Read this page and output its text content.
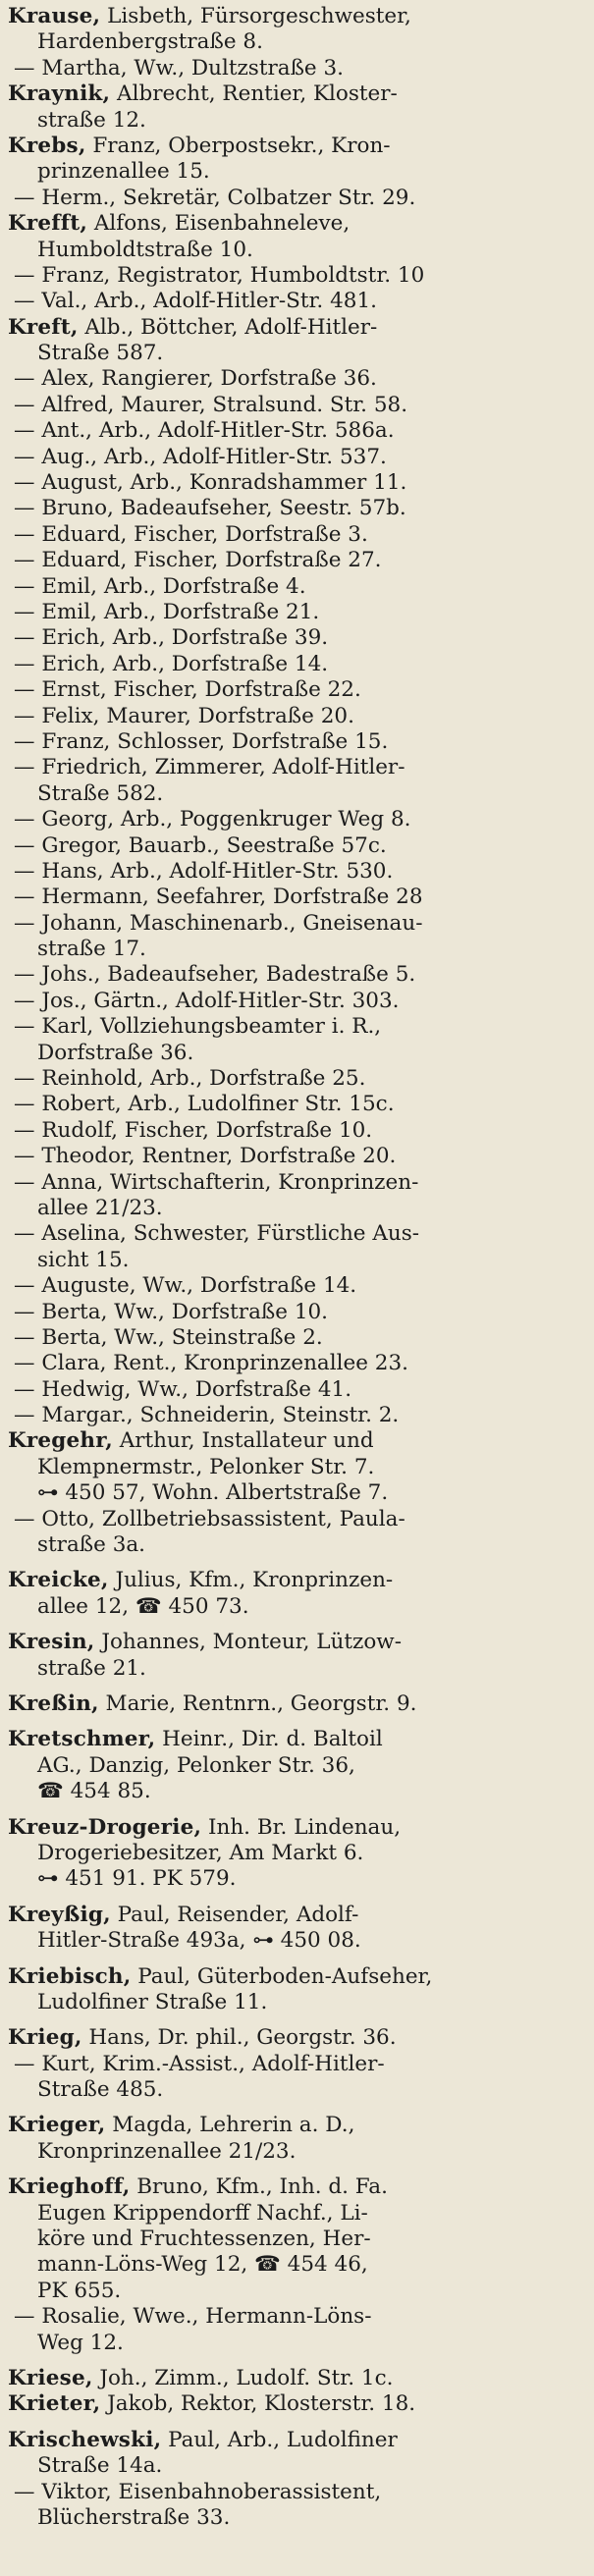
Krause, Lisbeth, Fürsorgeschwester,
Hardenbergstraße 8.
— Martha, Ww., Dultzstraße 3.
Kraynik, Albrecht, Rentier, Kloster-
straße 12.
Krebs, Franz, Oberpostsekr., Kron-
prinzenallee 15.
— Herm., Sekretär, Colbatzer Str. 29.
Krefft, Alfons, Eisenbahneleve,
Humboldtstraße 10.
— Franz, Registrator, Humboldtstr. 10
— Val., Arb., Adolf-Hitler-Str. 481.
Kreft, Alb., Böttcher, Adolf-Hitler-
Straße 587.
— Alex, Rangierer, Dorfstraße 36.
— Alfred, Maurer, Stralsund. Str. 58.
— Ant., Arb., Adolf-Hitler-Str. 586a.
— Aug., Arb., Adolf-Hitler-Str. 537.
— August, Arb., Konradshammer 11.
— Bruno, Badeaufseher, Seestr. 57b.
— Eduard, Fischer, Dorfstraße 3.
— Eduard, Fischer, Dorfstraße 27.
— Emil, Arb., Dorfstraße 4.
— Emil, Arb., Dorfstraße 21.
— Erich, Arb., Dorfstraße 39.
— Erich, Arb., Dorfstraße 14.
— Ernst, Fischer, Dorfstraße 22.
— Felix, Maurer, Dorfstraße 20.
— Franz, Schlosser, Dorfstraße 15.
— Friedrich, Zimmerer, Adolf-Hitler-
Straße 582.
— Georg, Arb., Poggenkruger Weg 8.
— Gregor, Bauarb., Seestraße 57c.
— Hans, Arb., Adolf-Hitler-Str. 530.
— Hermann, Seefahrer, Dorfstraße 28
— Johann, Maschinenarb., Gneisenau-
straße 17.
— Johs., Badeaufseher, Badestraße 5.
— Jos., Gärtn., Adolf-Hitler-Str. 303.
— Karl, Vollziehungsbeamter i. R.,
Dorfstraße 36.
— Reinhold, Arb., Dorfstraße 25.
— Robert, Arb., Ludolfiner Str. 15c.
— Rudolf, Fischer, Dorfstraße 10.
— Theodor, Rentner, Dorfstraße 20.
— Anna, Wirtschafterin, Kronprinzen-
allee 21/23.
— Aselina, Schwester, Fürstliche Aus-
sicht 15.
— Auguste, Ww., Dorfstraße 14.
— Berta, Ww., Dorfstraße 10.
— Berta, Ww., Steinstraße 2.
— Clara, Rent., Kronprinzenallee 23.
— Hedwig, Ww., Dorfstraße 41.
— Margar., Schneiderin, Steinstr. 2.
Kregehr, Arthur, Installateur und
Klempnermstr., Pelonker Str. 7.
⊶ 450 57, Wohn. Albertstraße 7.
— Otto, Zollbetriebsassistent, Paula-
straße 3a.
Kreicke, Julius, Kfm., Kronprinzen-
allee 12, ☎ 450 73.
Kresin, Johannes, Monteur, Lützow-
straße 21.
Kreßin, Marie, Rentnrn., Georgstr. 9.
Kretschmer, Heinr., Dir. d. Baltoil
AG., Danzig, Pelonker Str. 36,
☎ 454 85.
Kreuz-Drogerie, Inh. Br. Lindenau,
Drogeriebesitzer, Am Markt 6.
⊶ 451 91. PK 579.
Kreyßig, Paul, Reisender, Adolf-
Hitler-Straße 493a, ⊶ 450 08.
Kriebisch, Paul, Güterboden-Aufseher,
Ludolfiner Straße 11.
Krieg, Hans, Dr. phil., Georgstr. 36.
— Kurt, Krim.-Assist., Adolf-Hitler-
Straße 485.
Krieger, Magda, Lehrerin a. D.,
Kronprinzenallee 21/23.
Krieghoff, Bruno, Kfm., Inh. d. Fa.
Eugen Krippendorff Nachf., Li-
köre und Fruchtessenzen, Her-
mann-Löns-Weg 12, ☎ 454 46,
PK 655.
— Rosalie, Wwe., Hermann-Löns-
Weg 12.
Kriese, Joh., Zimm., Ludolf. Str. 1c.
Krieter, Jakob, Rektor, Klosterstr. 18.
Krischewski, Paul, Arb., Ludolfiner
Straße 14a.
— Viktor, Eisenbahnoberassistent,
Blücherstraße 33.
